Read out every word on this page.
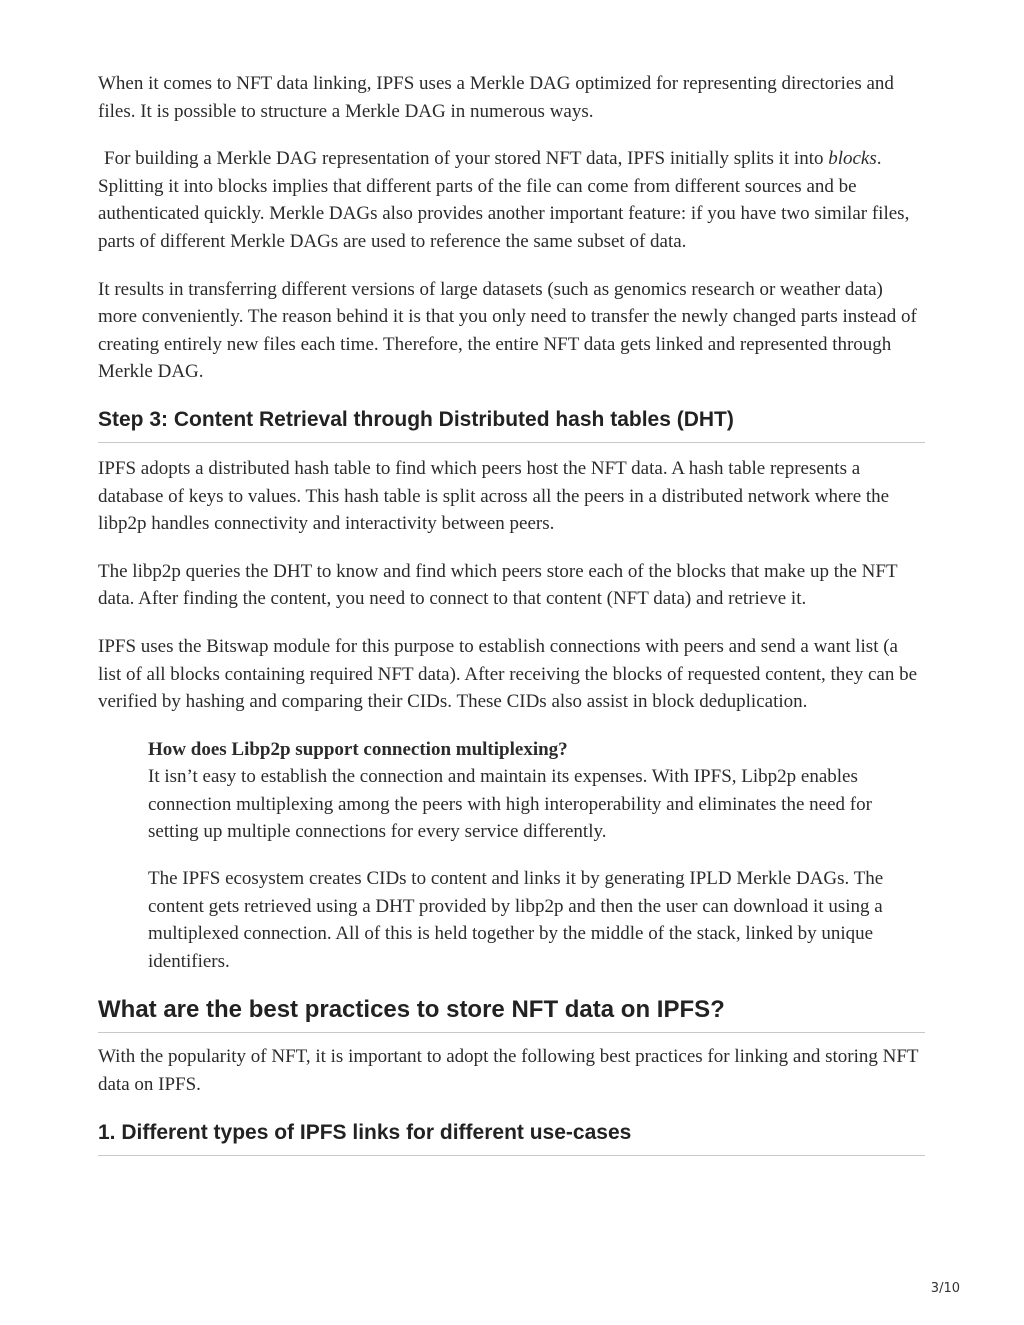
When it comes to NFT data linking, IPFS uses a Merkle DAG optimized for representing directories and files. It is possible to structure a Merkle DAG in numerous ways.

For building a Merkle DAG representation of your stored NFT data, IPFS initially splits it into blocks. Splitting it into blocks implies that different parts of the file can come from different sources and be authenticated quickly. Merkle DAGs also provides another important feature: if you have two similar files, parts of different Merkle DAGs are used to reference the same subset of data.

It results in transferring different versions of large datasets (such as genomics research or weather data) more conveniently. The reason behind it is that you only need to transfer the newly changed parts instead of creating entirely new files each time. Therefore, the entire NFT data gets linked and represented through Merkle DAG.

Step 3: Content Retrieval through Distributed hash tables (DHT)

IPFS adopts a distributed hash table to find which peers host the NFT data. A hash table represents a database of keys to values. This hash table is split across all the peers in a distributed network where the libp2p handles connectivity and interactivity between peers.

The libp2p queries the DHT to know and find which peers store each of the blocks that make up the NFT data. After finding the content, you need to connect to that content (NFT data) and retrieve it.

IPFS uses the Bitswap module for this purpose to establish connections with peers and send a want list (a list of all blocks containing required NFT data). After receiving the blocks of requested content, they can be verified by hashing and comparing their CIDs. These CIDs also assist in block deduplication.

How does Libp2p support connection multiplexing?
It isn’t easy to establish the connection and maintain its expenses. With IPFS, Libp2p enables connection multiplexing among the peers with high interoperability and eliminates the need for setting up multiple connections for every service differently.

The IPFS ecosystem creates CIDs to content and links it by generating IPLD Merkle DAGs. The content gets retrieved using a DHT provided by libp2p and then the user can download it using a multiplexed connection. All of this is held together by the middle of the stack, linked by unique identifiers.

What are the best practices to store NFT data on IPFS?

With the popularity of NFT, it is important to adopt the following best practices for linking and storing NFT data on IPFS.

1. Different types of IPFS links for different use-cases
3/10
